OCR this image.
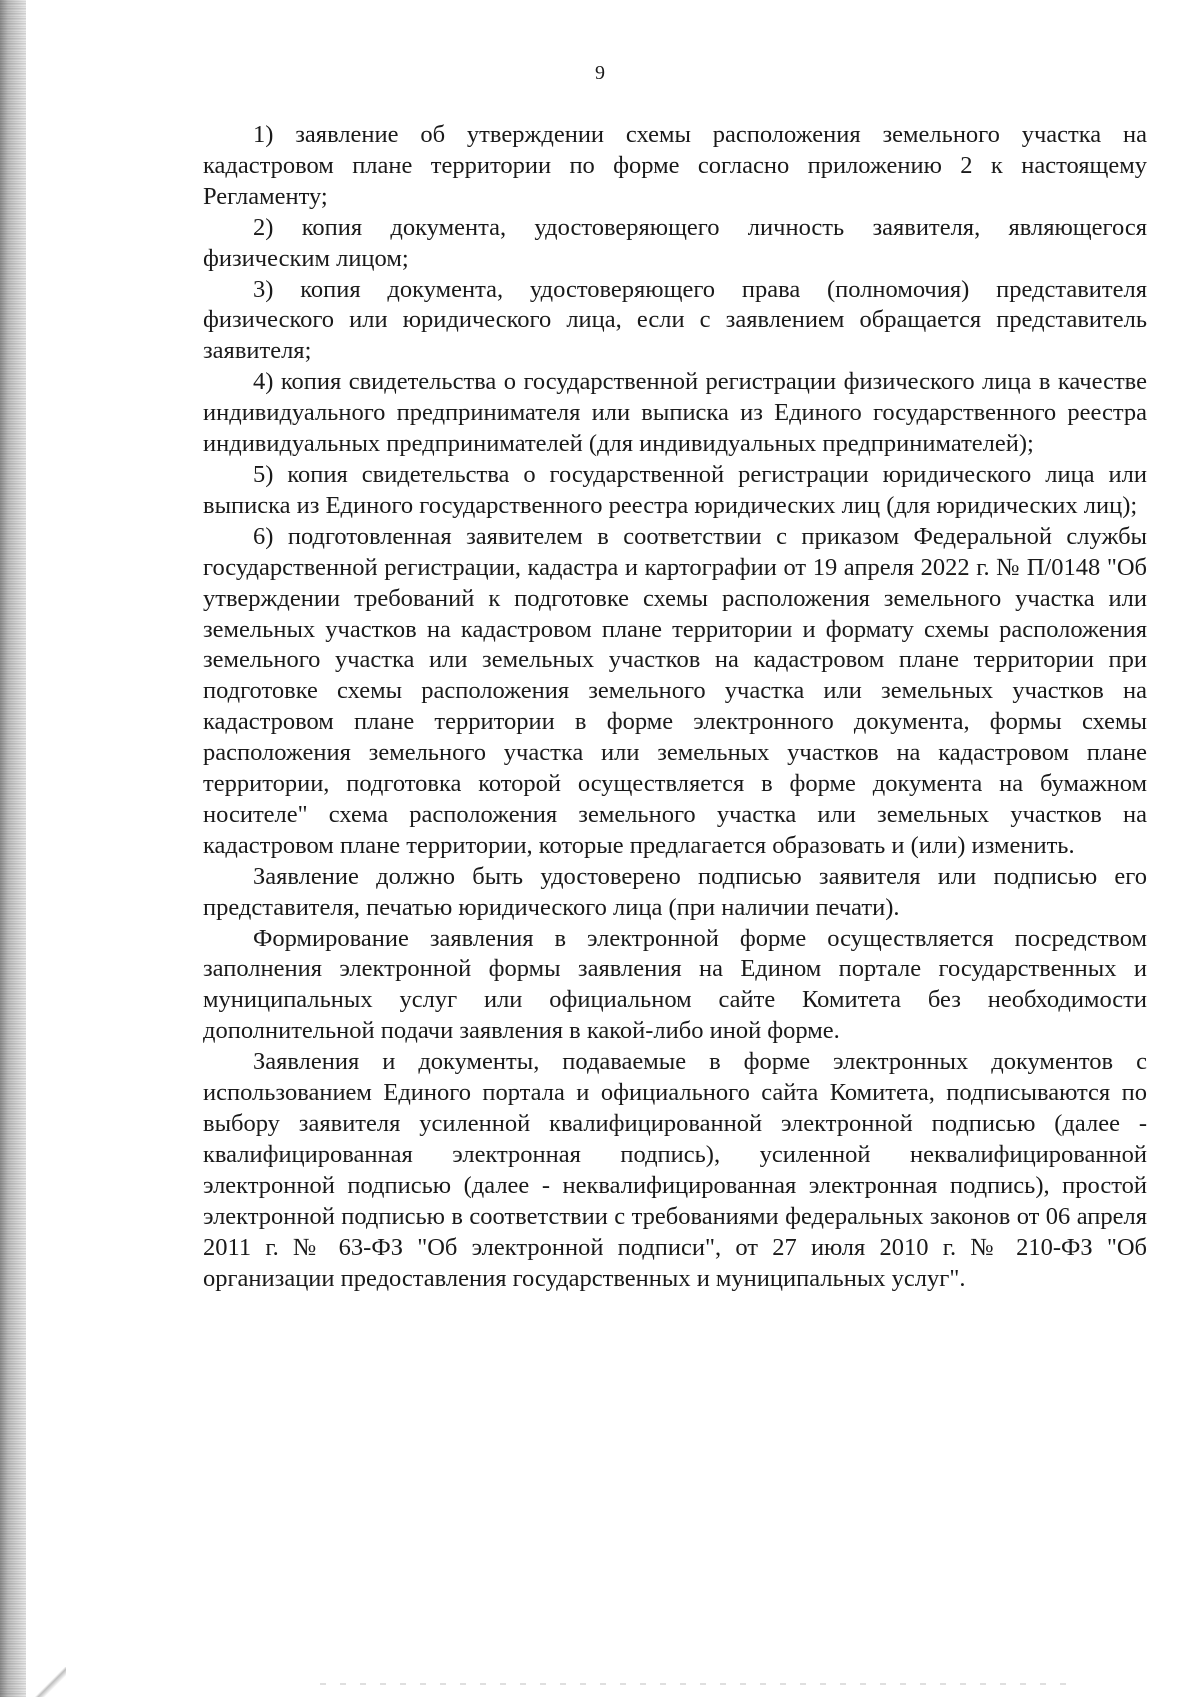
9

1) заявление об утверждении схемы расположения земельного участка на кадастровом плане территории по форме согласно приложению 2 к настоящему Регламенту;

2) копия документа, удостоверяющего личность заявителя, являющегося физическим лицом;

3) копия документа, удостоверяющего права (полномочия) представителя физического или юридического лица, если с заявлением обращается представитель заявителя;

4) копия свидетельства о государственной регистрации физического лица в качестве индивидуального предпринимателя или выписка из Единого государственного реестра индивидуальных предпринимателей (для индивидуальных предпринимателей);

5) копия свидетельства о государственной регистрации юридического лица или выписка из Единого государственного реестра юридических лиц (для юридических лиц);

6) подготовленная заявителем в соответствии с приказом Федеральной службы государственной регистрации, кадастра и картографии от 19 апреля 2022 г. № П/0148 "Об утверждении требований к подготовке схемы расположения земельного участка или земельных участков на кадастровом плане территории и формату схемы расположения земельного участка или земельных участков на кадастровом плане территории при подготовке схемы расположения земельного участка или земельных участков на кадастровом плане территории в форме электронного документа, формы схемы расположения земельного участка или земельных участков на кадастровом плане территории, подготовка которой осуществляется в форме документа на бумажном носителе" схема расположения земельного участка или земельных участков на кадастровом плане территории, которые предлагается образовать и (или) изменить.

Заявление должно быть удостоверено подписью заявителя или подписью его представителя, печатью юридического лица (при наличии печати).

Формирование заявления в электронной форме осуществляется посредством заполнения электронной формы заявления на Едином портале государственных и муниципальных услуг или официальном сайте Комитета без необходимости дополнительной подачи заявления в какой-либо иной форме.

Заявления и документы, подаваемые в форме электронных документов с использованием Единого портала и официального сайта Комитета, подписываются по выбору заявителя усиленной квалифицированной электронной подписью (далее - квалифицированная электронная подпись), усиленной неквалифицированной электронной подписью (далее - неквалифицированная электронная подпись), простой электронной подписью в соответствии с требованиями федеральных законов от 06 апреля 2011 г. № 63-ФЗ "Об электронной подписи", от 27 июля 2010 г. № 210-ФЗ "Об организации предоставления государственных и муниципальных услуг".
